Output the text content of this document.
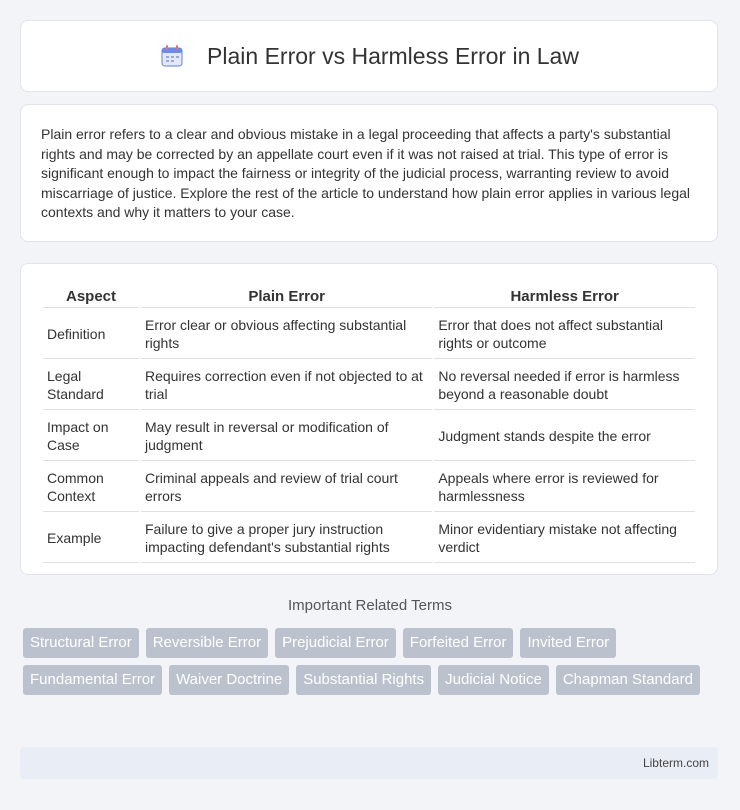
Plain Error vs Harmless Error in Law

Plain error refers to a clear and obvious mistake in a legal proceeding that affects a party's substantial rights and may be corrected by an appellate court even if it was not raised at trial. This type of error is significant enough to impact the fairness or integrity of the judicial process, warranting review to avoid miscarriage of justice. Explore the rest of the article to understand how plain error applies in various legal contexts and why it matters to your case.

Aspect	Plain Error	Harmless Error
Definition	Error clear or obvious affecting substantial rights	Error that does not affect substantial rights or outcome
Legal Standard	Requires correction even if not objected to at trial	No reversal needed if error is harmless beyond a reasonable doubt
Impact on Case	May result in reversal or modification of judgment	Judgment stands despite the error
Common Context	Criminal appeals and review of trial court errors	Appeals where error is reviewed for harmlessness
Example	Failure to give a proper jury instruction impacting defendant's substantial rights	Minor evidentiary mistake not affecting verdict
Important Related Terms
Structural Error	Reversible Error	Prejudicial Error	Forfeited Error	Invited Error
Fundamental Error	Waiver Doctrine	Substantial Rights	Judicial Notice	Chapman Standard
Libterm.com
